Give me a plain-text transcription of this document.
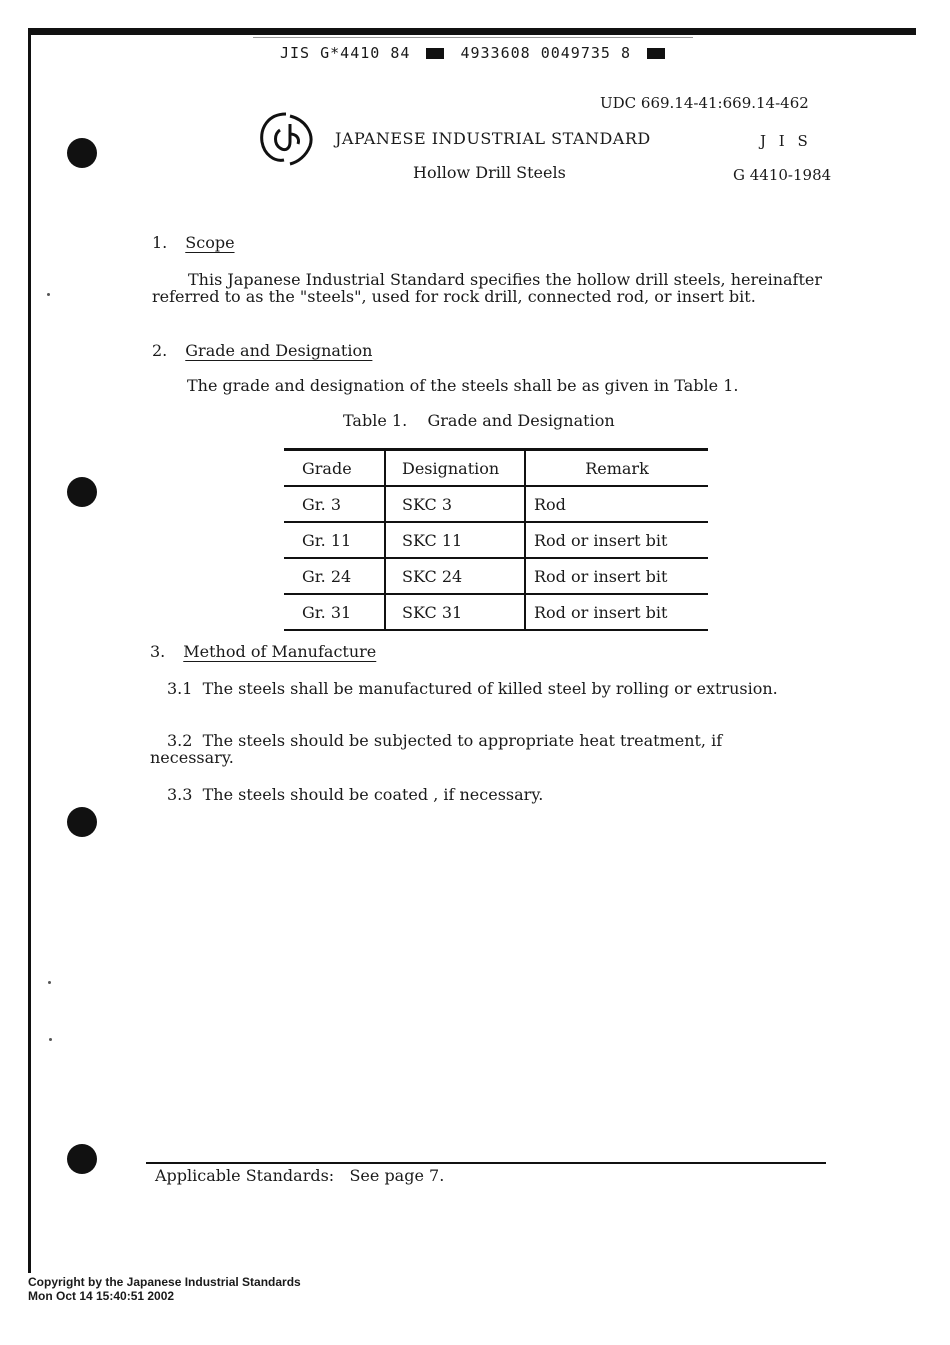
JIS G*4410 84	4933608 0049735 8
UDC 669.14-41:669.14-462
JAPANESE INDUSTRIAL STANDARD	J I S
Hollow Drill Steels	G 4410-1984
1. Scope
This Japanese Industrial Standard specifies the hollow drill steels, hereinafter referred to as the "steels", used for rock drill, connected rod, or insert bit.
2. Grade and Designation
The grade and designation of the steels shall be as given in Table 1.
Table 1.    Grade and Designation
Grade	Designation	Remark
Gr. 3	SKC 3	Rod
Gr. 11	SKC 11	Rod or insert bit
Gr. 24	SKC 24	Rod or insert bit
Gr. 31	SKC 31	Rod or insert bit
3. Method of Manufacture
3.1 The steels shall be manufactured of killed steel by rolling or extrusion.
3.2 The steels should be subjected to appropriate heat treatment, if necessary.
3.3 The steels should be coated , if necessary.
Applicable Standards:   See page 7.
Copyright by the Japanese Industrial Standards
Mon Oct 14 15:40:51 2002
